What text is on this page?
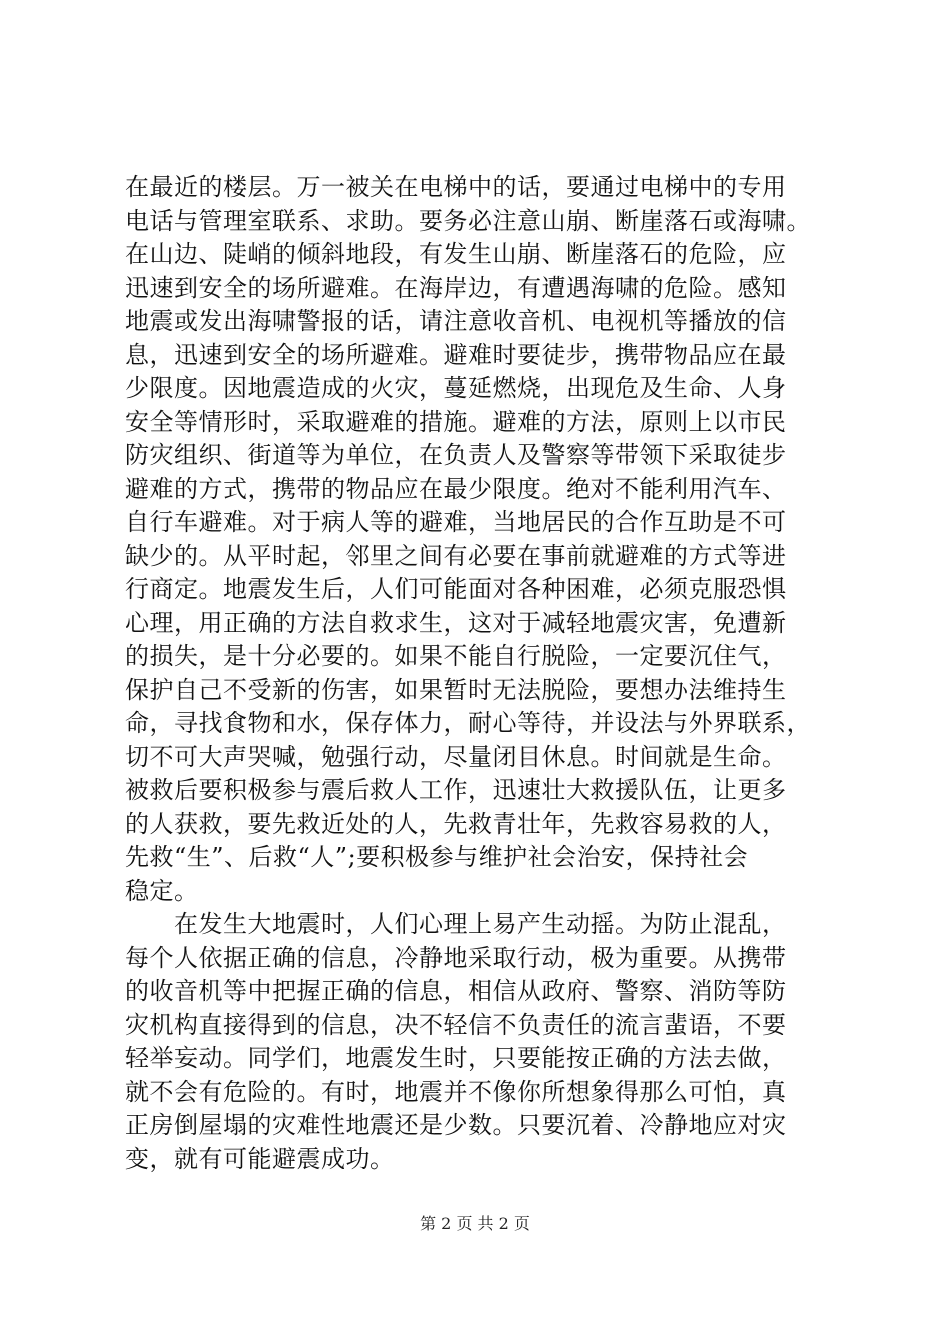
在最近的楼层。万一被关在电梯中的话，要通过电梯中的专用
电话与管理室联系、求助。要务必注意山崩、断崖落石或海啸。
在山边、陡峭的倾斜地段，有发生山崩、断崖落石的危险，应
迅速到安全的场所避难。在海岸边，有遭遇海啸的危险。感知
地震或发出海啸警报的话，请注意收音机、电视机等播放的信
息，迅速到安全的场所避难。避难时要徒步，携带物品应在最
少限度。因地震造成的火灾，蔓延燃烧，出现危及生命、人身
安全等情形时，采取避难的措施。避难的方法，原则上以市民
防灾组织、街道等为单位，在负责人及警察等带领下采取徒步
避难的方式，携带的物品应在最少限度。绝对不能利用汽车、
自行车避难。对于病人等的避难，当地居民的合作互助是不可
缺少的。从平时起，邻里之间有必要在事前就避难的方式等进
行商定。地震发生后，人们可能面对各种困难，必须克服恐惧
心理，用正确的方法自救求生，这对于减轻地震灾害，免遭新
的损失，是十分必要的。如果不能自行脱险，一定要沉住气，
保护自己不受新的伤害，如果暂时无法脱险，要想办法维持生
命，寻找食物和水，保存体力，耐心等待，并设法与外界联系，
切不可大声哭喊，勉强行动，尽量闭目休息。时间就是生命。
被救后要积极参与震后救人工作，迅速壮大救援队伍，让更多
的人获救，要先救近处的人，先救青壮年，先救容易救的人，
先救“生”、后救“人”;要积极参与维护社会治安，保持社会
稳定。
　　在发生大地震时，人们心理上易产生动摇。为防止混乱，
每个人依据正确的信息，冷静地采取行动，极为重要。从携带
的收音机等中把握正确的信息，相信从政府、警察、消防等防
灾机构直接得到的信息，决不轻信不负责任的流言蜚语，不要
轻举妄动。同学们，地震发生时，只要能按正确的方法去做，
就不会有危险的。有时，地震并不像你所想象得那么可怕，真
正房倒屋塌的灾难性地震还是少数。只要沉着、冷静地应对灾
变，就有可能避震成功。
第 2 页 共 2 页
